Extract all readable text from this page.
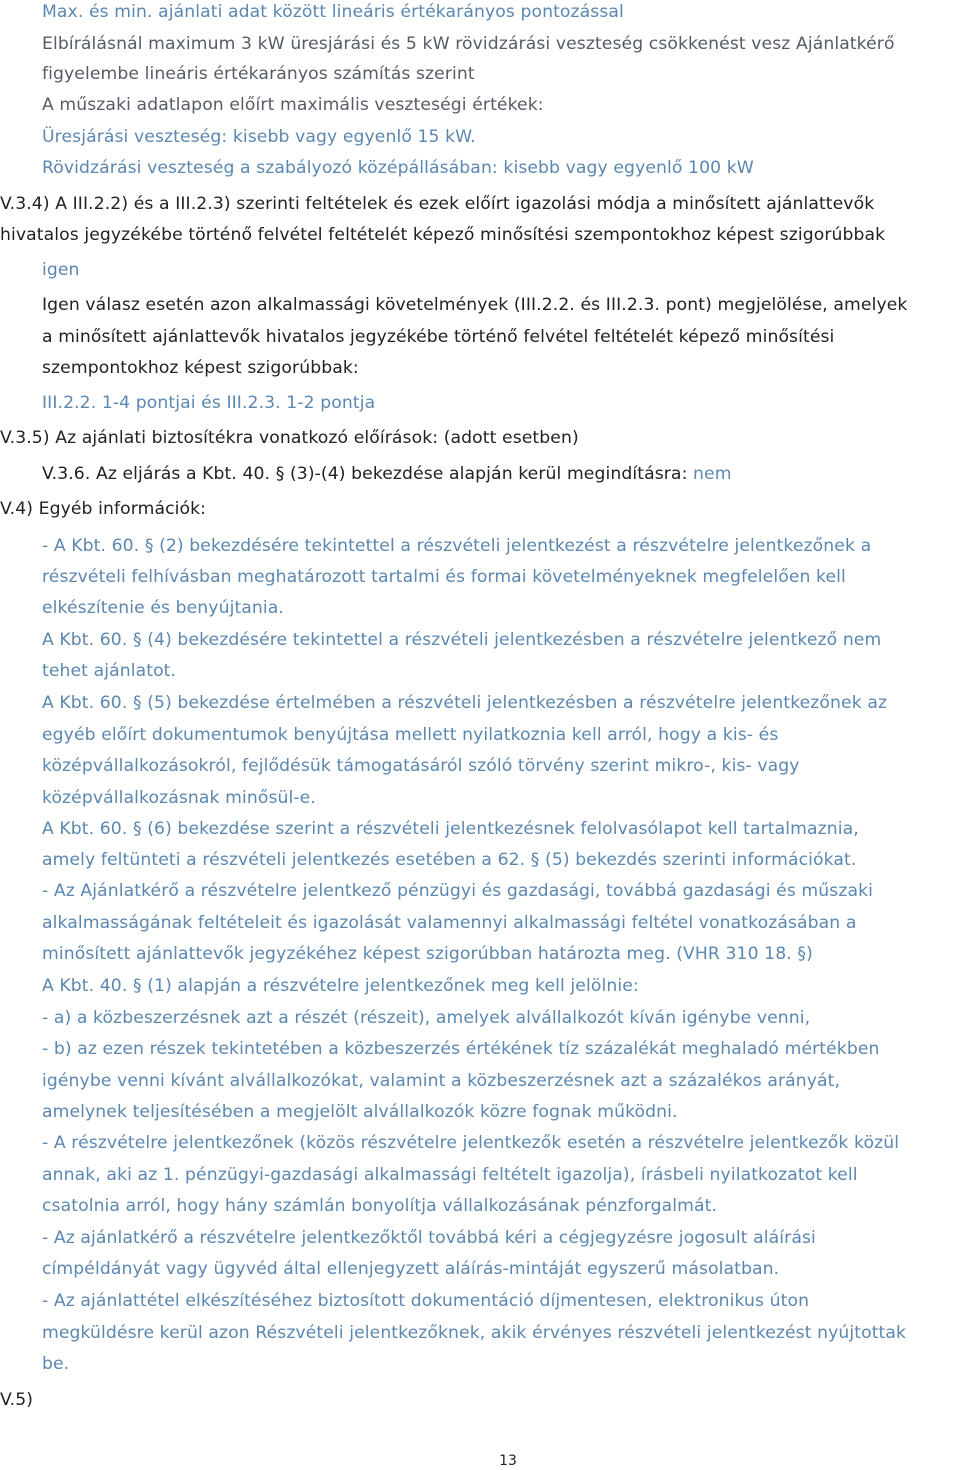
Max. és min. ajánlati adat között lineáris értékarányos pontozással
Elbírálásnál maximum 3 kW üresjárási és 5 kW rövidzárási veszteség csökkenést vesz Ajánlatkérő
figyelembe lineáris értékarányos számítás szerint
A műszaki adatlapon előírt maximális veszteségi értékek:
Üresjárási veszteség: kisebb vagy egyenlő 15 kW.
Rövidzárási veszteség a szabályozó középállásában: kisebb vagy egyenlő 100 kW
V.3.4) A III.2.2) és a III.2.3) szerinti feltételek és ezek előírt igazolási módja a minősített ajánlattevők
hivatalos jegyzékébe történő felvétel feltételét képező minősítési szempontokhoz képest szigorúbbak
igen
Igen válasz esetén azon alkalmassági követelmények (III.2.2. és III.2.3. pont) megjelölése, amelyek
a minősített ajánlattevők hivatalos jegyzékébe történő felvétel feltételét képező minősítési
szempontokhoz képest szigorúbbak:
III.2.2. 1-4 pontjai és III.2.3. 1-2 pontja
V.3.5) Az ajánlati biztosítékra vonatkozó előírások: (adott esetben)
V.3.6. Az eljárás a Kbt. 40. § (3)-(4) bekezdése alapján kerül megindításra: nem
V.4) Egyéb információk:
- A Kbt. 60. § (2) bekezdésére tekintettel a részvételi jelentkezést a részvételre jelentkezőnek a
részvételi felhívásban meghatározott tartalmi és formai követelményeknek megfelelően kell
elkészítenie és benyújtania.
A Kbt. 60. § (4) bekezdésére tekintettel a részvételi jelentkezésben a részvételre jelentkező nem
tehet ajánlatot.
A Kbt. 60. § (5) bekezdése értelmében a részvételi jelentkezésben a részvételre jelentkezőnek az
egyéb előírt dokumentumok benyújtása mellett nyilatkoznia kell arról, hogy a kis- és
középvállalkozásokról, fejlődésük támogatásáról szóló törvény szerint mikro-, kis- vagy
középvállalkozásnak minősül-e.
A Kbt. 60. § (6) bekezdése szerint a részvételi jelentkezésnek felolvasólapot kell tartalmaznia,
amely feltünteti a részvételi jelentkezés esetében a 62. § (5) bekezdés szerinti információkat.
- Az Ajánlatkérő a részvételre jelentkező pénzügyi és gazdasági, továbbá gazdasági és műszaki
alkalmasságának feltételeit és igazolását valamennyi alkalmassági feltétel vonatkozásában a
minősített ajánlattevők jegyzékéhez képest szigorúbban határozta meg. (VHR 310 18. §)
A Kbt. 40. § (1) alapján a részvételre jelentkezőnek meg kell jelölnie:
- a) a közbeszerzésnek azt a részét (részeit), amelyek alvállalkozót kíván igénybe venni,
- b) az ezen részek tekintetében a közbeszerzés értékének tíz százalékát meghaladó mértékben
igénybe venni kívánt alvállalkozókat, valamint a közbeszerzésnek azt a százalékos arányát,
amelynek teljesítésében a megjelölt alvállalkozók közre fognak működni.
- A részvételre jelentkezőnek (közös részvételre jelentkezők esetén a részvételre jelentkezők közül
annak, aki az 1. pénzügyi-gazdasági alkalmassági feltételt igazolja), írásbeli nyilatkozatot kell
csatolnia arról, hogy hány számlán bonyolítja vállalkozásának pénzforgalmát.
- Az ajánlatkérő a részvételre jelentkezőktől továbbá kéri a cégjegyzésre jogosult aláírási
címpéldányát vagy ügyvéd által ellenjegyzett aláírás-mintáját egyszerű másolatban.
- Az ajánlattétel elkészítéséhez biztosított dokumentáció díjmentesen, elektronikus úton
megküldésre kerül azon Részvételi jelentkezőknek, akik érvényes részvételi jelentkezést nyújtottak
be.
V.5)
13
